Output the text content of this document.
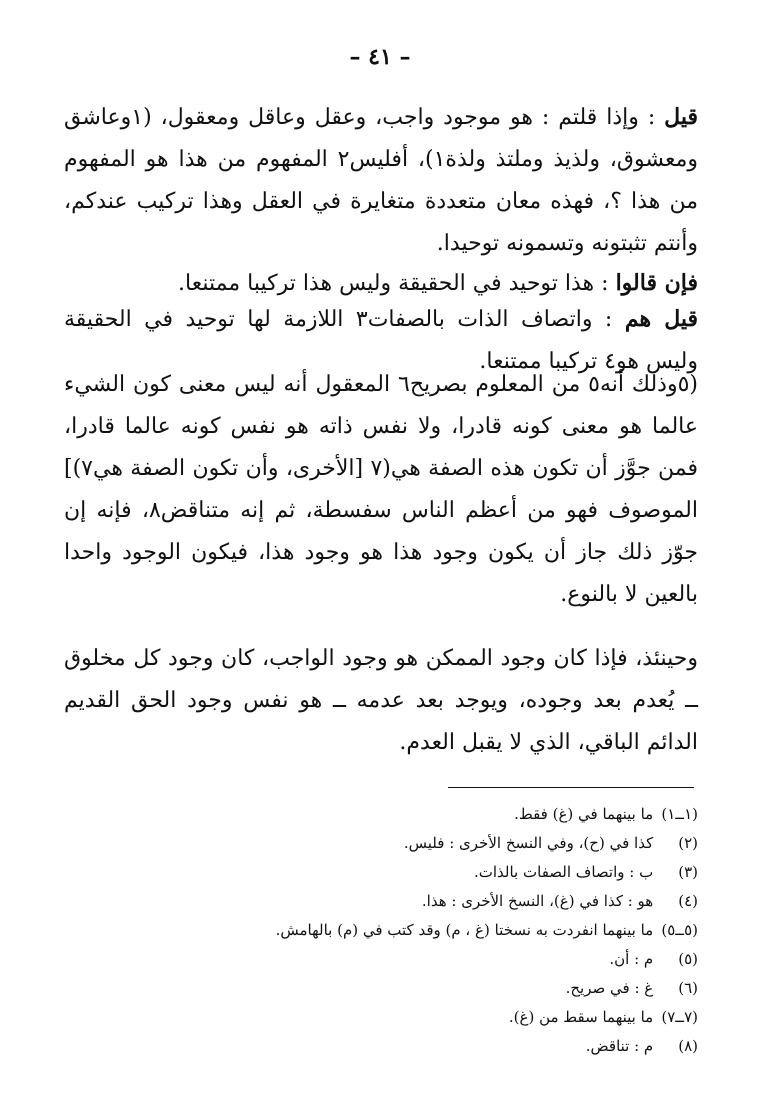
– ٤١ –

قيل : وإذا قلتم : هو موجود واجب، وعقل وعاقل ومعقول، (١وعاشق ومعشوق، ولذيذ وملتذ ولذة١)، أفليس٢ المفهوم من هذا هو المفهوم من هذا ؟، فهذه معان متعددة متغايرة في العقل وهذا تركيب عندكم، وأنتم تثبتونه وتسمونه توحيدا.

فإن قالوا : هذا توحيد في الحقيقة وليس هذا تركيبا ممتنعا.

قيل هم : واتصاف الذات بالصفات٣ اللازمة لها توحيد في الحقيقة وليس هو٤ تركيبا ممتنعا.

(٥وذلك أنه٥ من المعلوم بصريح٦ المعقول أنه ليس معنى كون الشيء عالما هو معنى كونه قادرا، ولا نفس ذاته هو نفس كونه عالما قادرا، فمن جوَّز أن تكون هذه الصفة هي(٧ [الأخرى، وأن تكون الصفة هي٧)] الموصوف فهو من أعظم الناس سفسطة، ثم إنه متناقض٨، فإنه إن جوّز ذلك جاز أن يكون وجود هذا هو وجود هذا، فيكون الوجود واحدا بالعين لا بالنوع.

وحينئذ، فإذا كان وجود الممكن هو وجود الواجب، كان وجود كل مخلوق ــ يُعدم بعد وجوده، ويوجد بعد عدمه ــ هو نفس وجود الحق القديم الدائم الباقي، الذي لا يقبل العدم.

(١ــ١) ما بينهما في (غ) فقط.
(٢) كذا في (ح)، وفي النسخ الأخرى : فليس.
(٣) ب : واتصاف الصفات بالذات.
(٤) هو : كذا في (غ)، النسخ الأخرى : هذا.
(٥ــ٥) ما بينهما انفردت به نسختا (غ ، م) وقد كتب في (م) بالهامش.
(٥) م : أن.
(٦) غ : في صريح.
(٧ــ٧) ما بينهما سقط من (غ).
(٨) م : تناقض.
